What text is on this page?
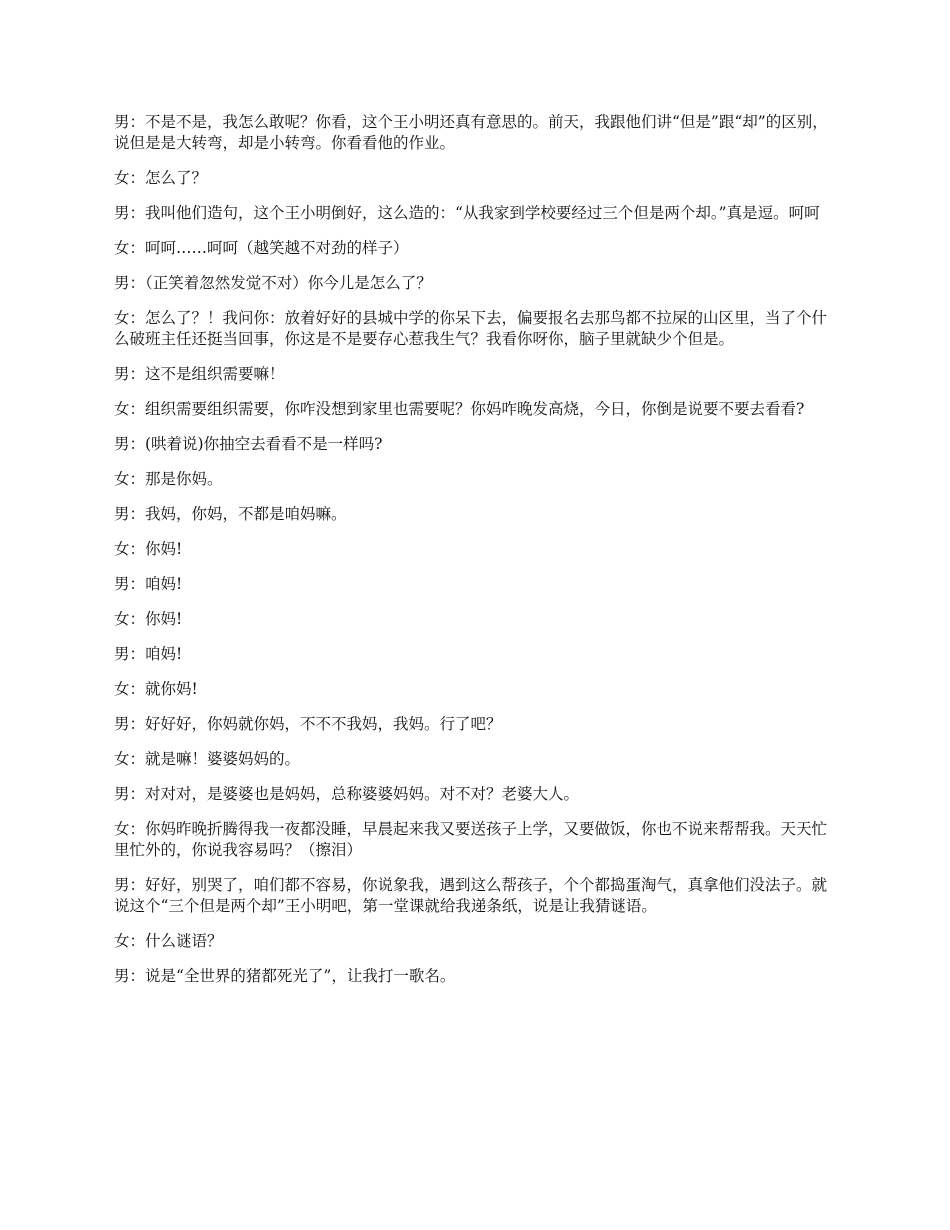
男：不是不是，我怎么敢呢？你看，这个王小明还真有意思的。前天，我跟他们讲“但是”跟“却”的区别，说但是是大转弯，却是小转弯。你看看他的作业。

女：怎么了？

男：我叫他们造句，这个王小明倒好，这么造的：“从我家到学校要经过三个但是两个却。”真是逗。呵呵

女：呵呵……呵呵（越笑越不对劲的样子）

男：（正笑着忽然发觉不对）你今儿是怎么了？

女：怎么了？！我问你：放着好好的县城中学的你呆下去，偏要报名去那鸟都不拉屎的山区里，当了个什么破班主任还挺当回事，你这是不是要存心惹我生气？我看你呀你，脑子里就缺少个但是。

男：这不是组织需要嘛！

女：组织需要组织需要，你咋没想到家里也需要呢？你妈咋晚发高烧，今日，你倒是说要不要去看看?

男：(哄着说)你抽空去看看不是一样吗?

女：那是你妈。

男：我妈，你妈，不都是咱妈嘛。

女：你妈!

男：咱妈!

女：你妈!

男：咱妈!

女：就你妈!

男：好好好，你妈就你妈，不不不我妈，我妈。行了吧？

女：就是嘛！婆婆妈妈的。

男：对对对，是婆婆也是妈妈，总称婆婆妈妈。对不对？老婆大人。

女：你妈昨晚折腾得我一夜都没睡，早晨起来我又要送孩子上学，又要做饭，你也不说来帮帮我。天天忙里忙外的，你说我容易吗？（擦泪）

男：好好，别哭了，咱们都不容易，你说象我，遇到这么帮孩子，个个都捣蛋淘气，真拿他们没法子。就说这个“三个但是两个却”王小明吧，第一堂课就给我递条纸，说是让我猜谜语。

女：什么谜语？

男：说是“全世界的猪都死光了”，让我打一歌名。
